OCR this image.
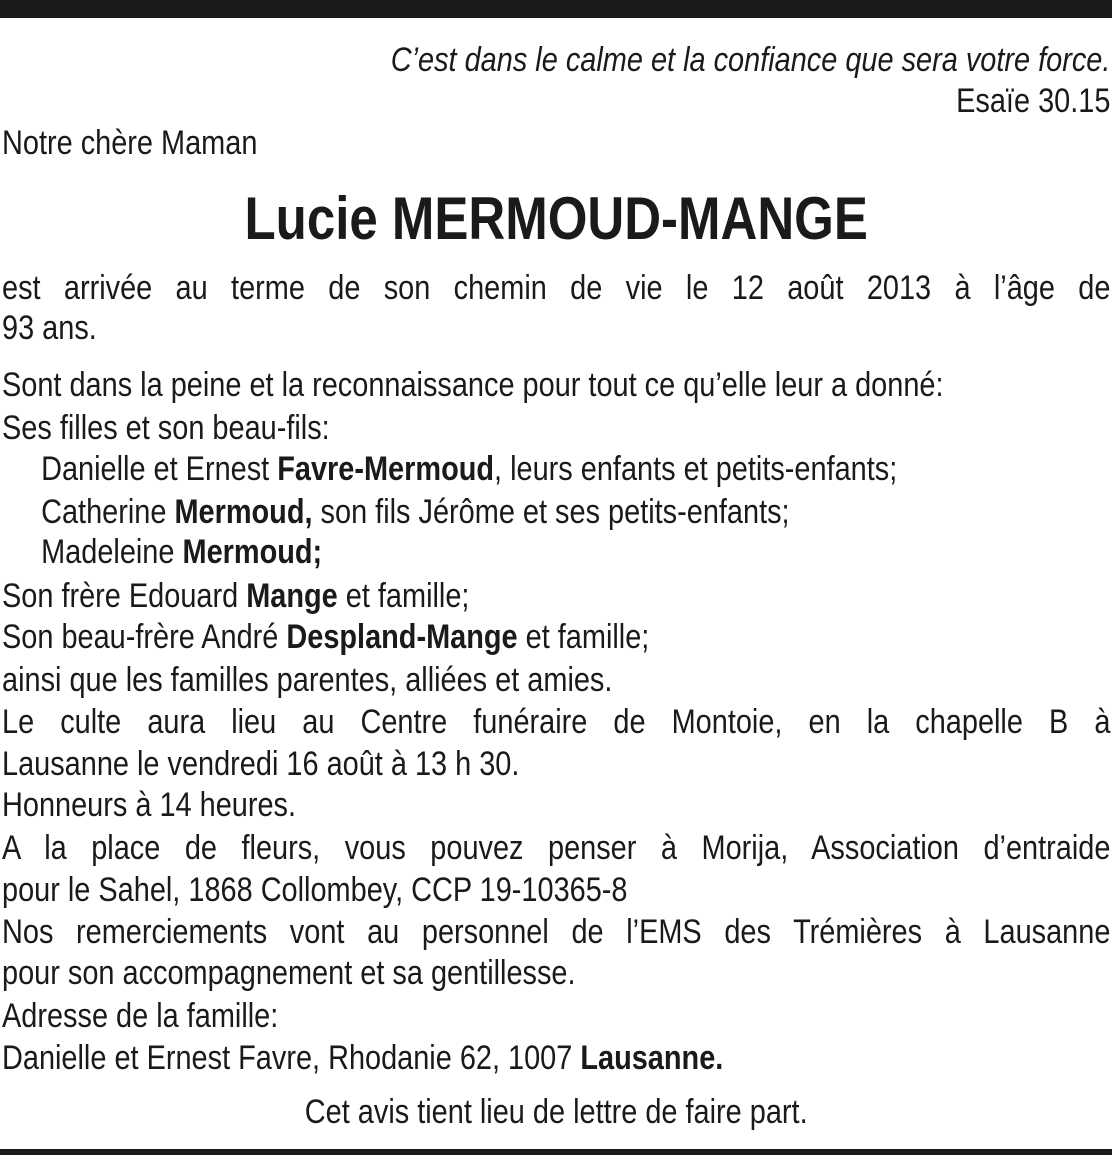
C’est dans le calme et la confiance que sera votre force.
Esaïe 30.15
Notre chère Maman
Lucie MERMOUD-MANGE
est arrivée au terme de son chemin de vie le 12 août 2013 à l’âge de
93 ans.
Sont dans la peine et la reconnaissance pour tout ce qu’elle leur a donné:
Ses filles et son beau-fils:
Danielle et Ernest Favre-Mermoud, leurs enfants et petits-enfants;
Catherine Mermoud, son fils Jérôme et ses petits-enfants;
Madeleine Mermoud;
Son frère Edouard Mange et famille;
Son beau-frère André Despland-Mange et famille;
ainsi que les familles parentes, alliées et amies.
Le culte aura lieu au Centre funéraire de Montoie, en la chapelle B à
Lausanne le vendredi 16 août à 13 h 30.
Honneurs à 14 heures.
A la place de fleurs, vous pouvez penser à Morija, Association d’entraide
pour le Sahel, 1868 Collombey, CCP 19-10365-8
Nos remerciements vont au personnel de l’EMS des Trémières à Lausanne
pour son accompagnement et sa gentillesse.
Adresse de la famille:
Danielle et Ernest Favre, Rhodanie 62, 1007 Lausanne.
Cet avis tient lieu de lettre de faire part.
